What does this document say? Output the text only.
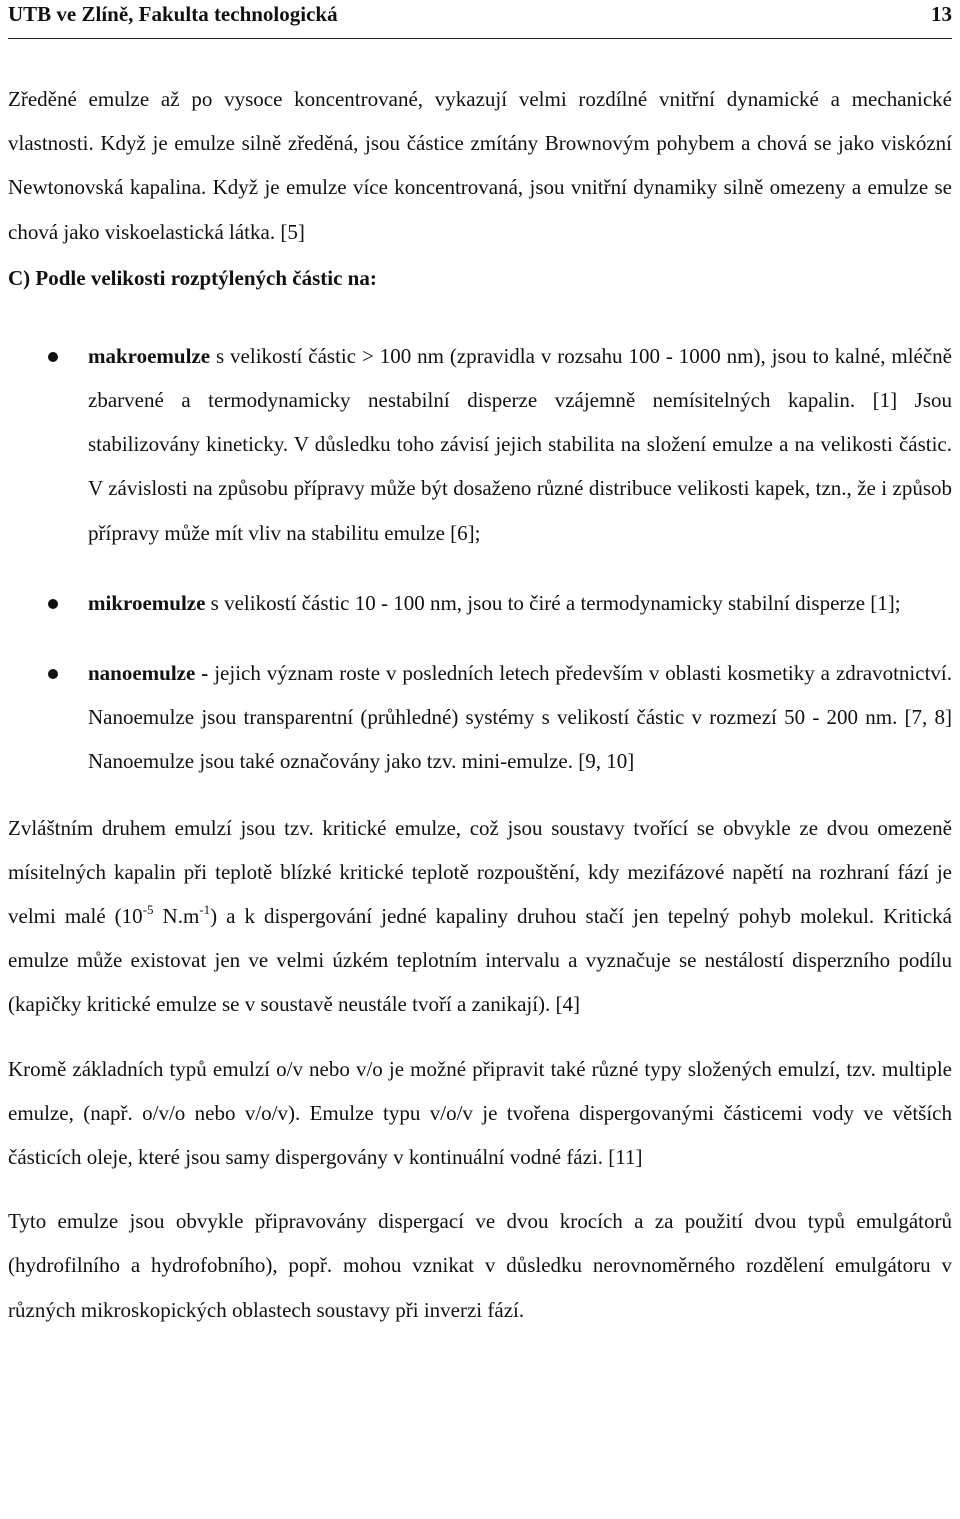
UTB ve Zlíně, Fakulta technologická	13

Zředěné emulze až po vysoce koncentrované, vykazují velmi rozdílné vnitřní dynamické a mechanické vlastnosti. Když je emulze silně zředěná, jsou částice zmítány Brownovým pohybem a chová se jako viskózní Newtonovská kapalina. Když je emulze více koncentrovaná, jsou vnitřní dynamiky silně omezeny a emulze se chová jako viskoelastická látka. [5]

C) Podle velikosti rozptýlených částic na:
makroemulze s velikostí částic > 100 nm (zpravidla v rozsahu 100 - 1000 nm), jsou to kalné, mléčně zbarvené a termodynamicky nestabilní disperze vzájemně nemísitelných kapalin. [1] Jsou stabilizovány kineticky. V důsledku toho závisí jejich stabilita na složení emulze a na velikosti částic. V závislosti na způsobu přípravy může být dosaženo různé distribuce velikosti kapek, tzn., že i způsob přípravy může mít vliv na stabilitu emulze [6];
mikroemulze s velikostí částic 10 - 100 nm, jsou to čiré a termodynamicky stabilní disperze [1];
nanoemulze - jejich význam roste v posledních letech především v oblasti kosmetiky a zdravotnictví. Nanoemulze jsou transparentní (průhledné) systémy s velikostí částic v rozmezí 50 - 200 nm. [7, 8] Nanoemulze jsou také označovány jako tzv. mini-emulze. [9, 10]

Zvláštním druhem emulzí jsou tzv. kritické emulze, což jsou soustavy tvořící se obvykle ze dvou omezeně mísitelných kapalin při teplotě blízké kritické teplotě rozpouštění, kdy mezifázové napětí na rozhraní fází je velmi malé ($10^{-5}$ $N.m^{-1}$) a k dispergování jedné kapaliny druhou stačí jen tepelný pohyb molekul. Kritická emulze může existovat jen ve velmi úzkém teplotním intervalu a vyznačuje se nestálostí disperzního podílu (kapičky kritické emulze se v soustavě neustále tvoří a zanikají). [4]

Kromě základních typů emulzí o/v nebo v/o je možné připravit také různé typy složených emulzí, tzv. multiple emulze, (např. o/v/o nebo v/o/v). Emulze typu v/o/v je tvořena dispergovanými částicemi vody ve větších částicích oleje, které jsou samy dispergovány v kontinuální vodné fázi. [11]

Tyto emulze jsou obvykle připravovány dispergací ve dvou krocích a za použití dvou typů emulgátorů (hydrofilního a hydrofobního), popř. mohou vznikat v důsledku nerovnoměrného rozdělení emulgátoru v různých mikroskopických oblastech soustavy při inverzi fází.
